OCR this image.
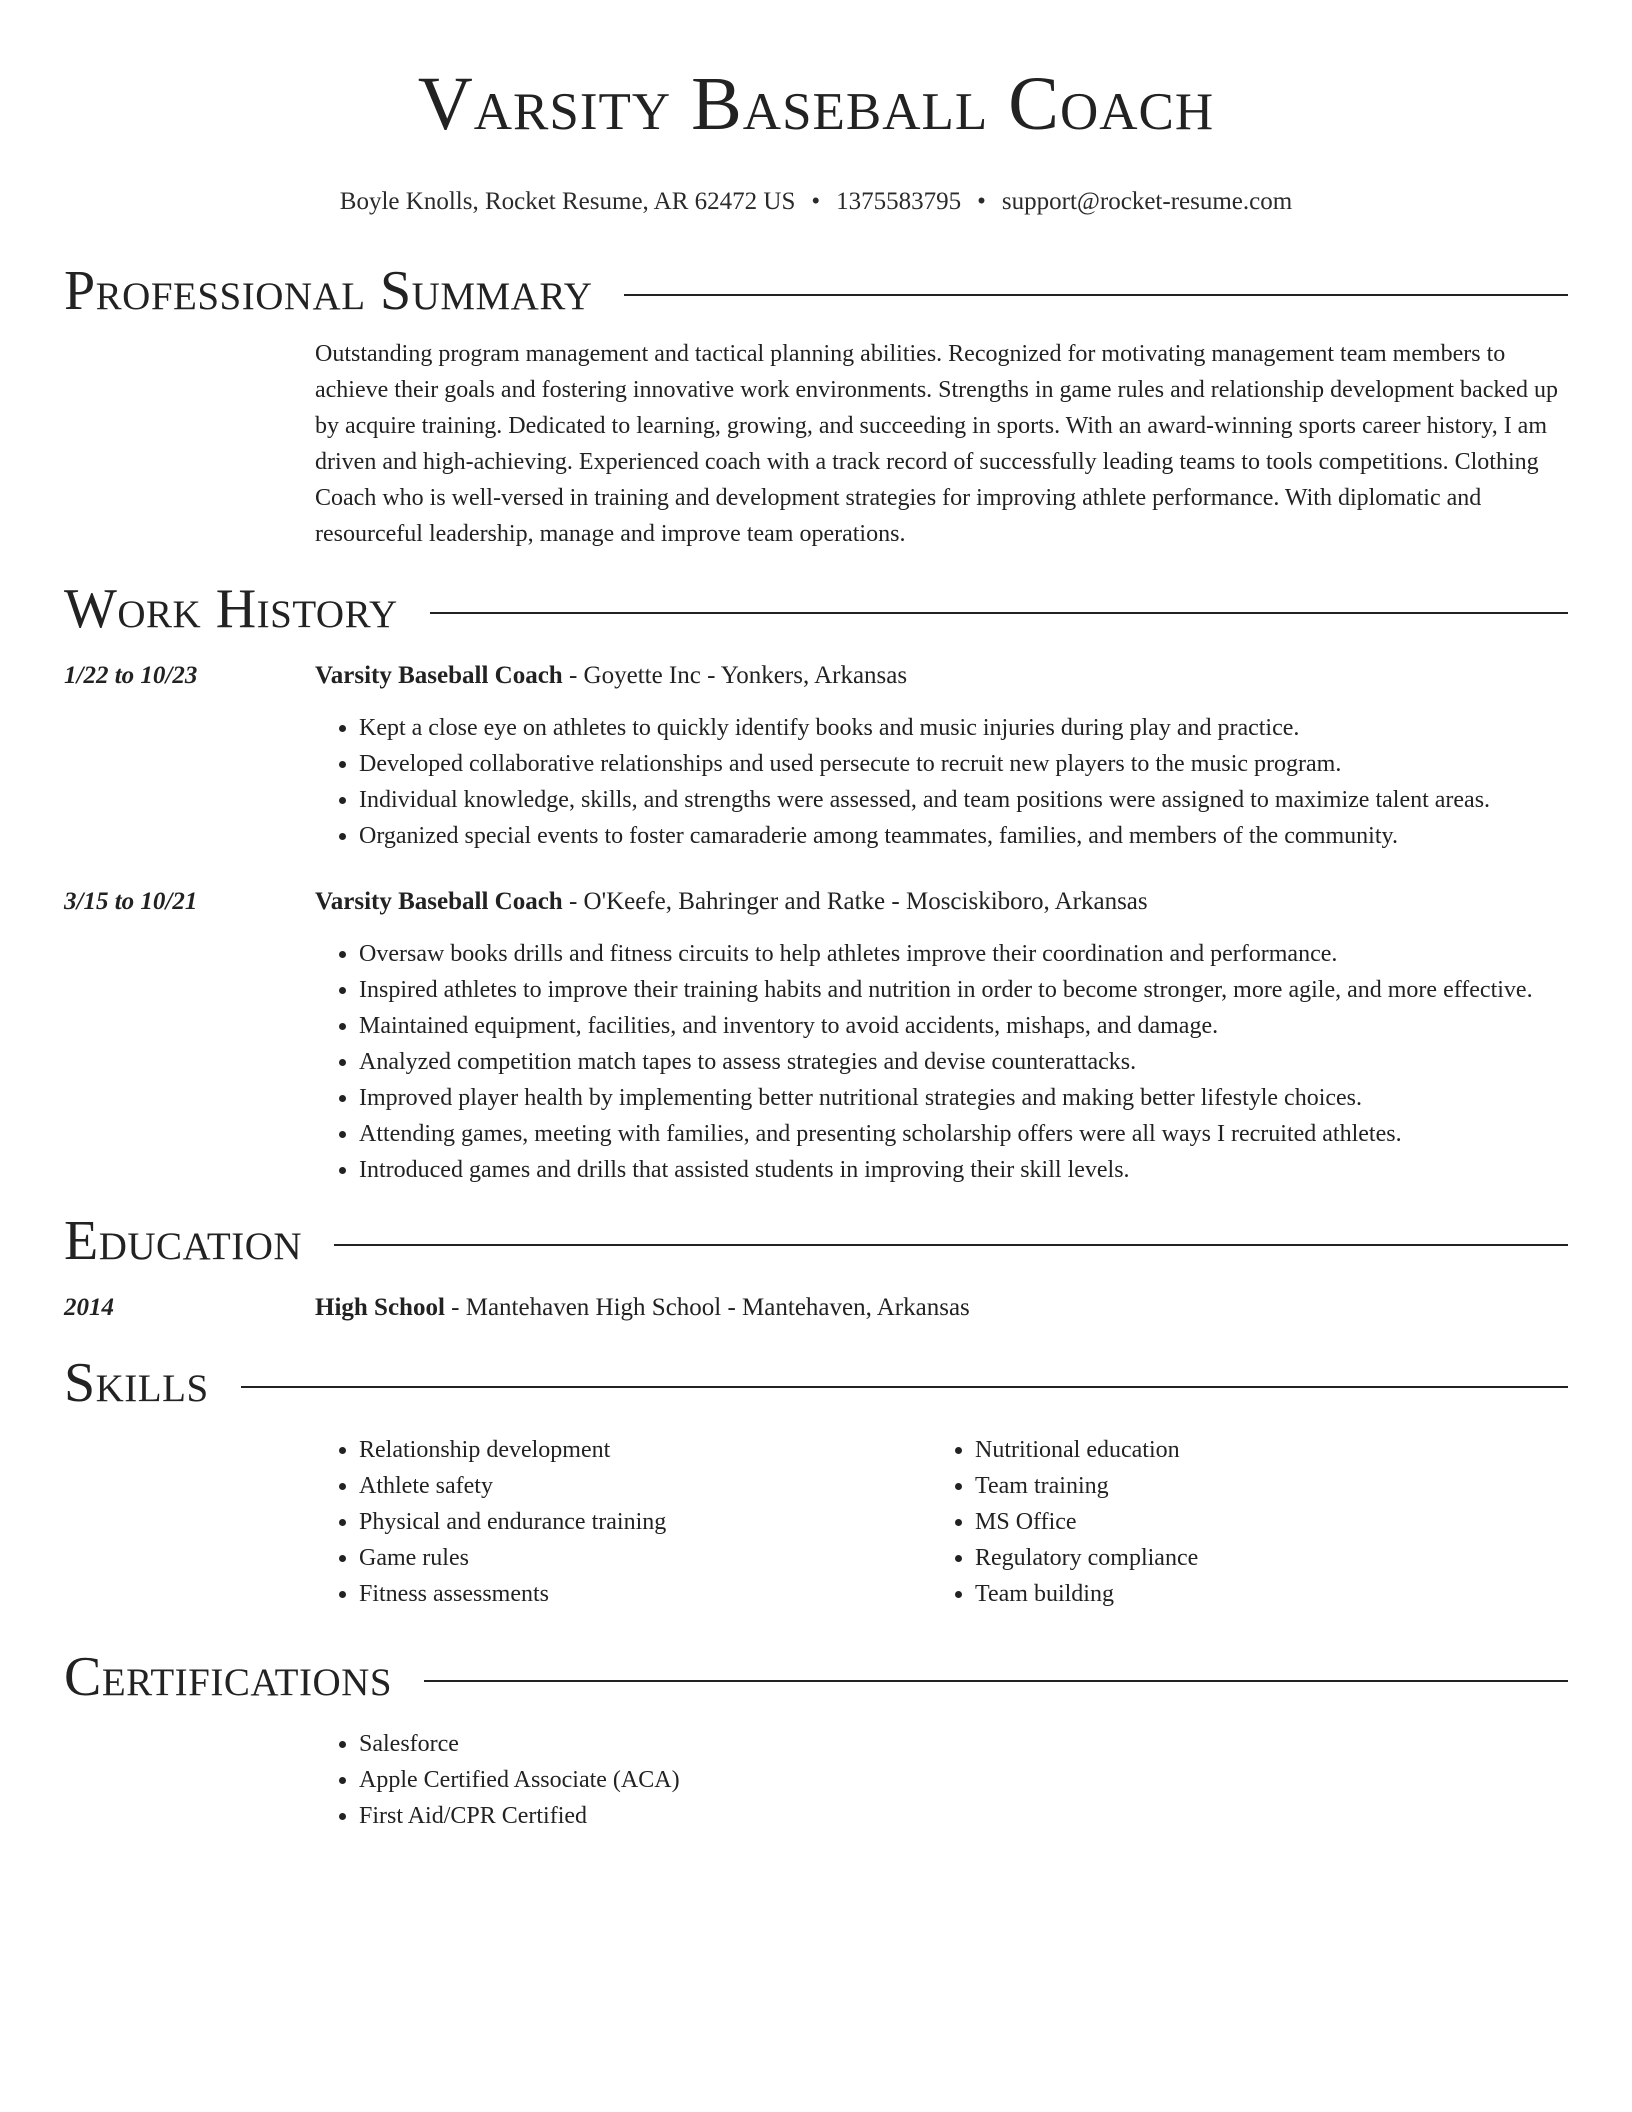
Varsity Baseball Coach
Boyle Knolls, Rocket Resume, AR 62472 US • 1375583795 • support@rocket-resume.com
Professional Summary
Outstanding program management and tactical planning abilities. Recognized for motivating management team members to achieve their goals and fostering innovative work environments. Strengths in game rules and relationship development backed up by acquire training. Dedicated to learning, growing, and succeeding in sports. With an award-winning sports career history, I am driven and high-achieving. Experienced coach with a track record of successfully leading teams to tools competitions. Clothing Coach who is well-versed in training and development strategies for improving athlete performance. With diplomatic and resourceful leadership, manage and improve team operations.
Work History
1/22 to 10/23	Varsity Baseball Coach - Goyette Inc - Yonkers, Arkansas
• Kept a close eye on athletes to quickly identify books and music injuries during play and practice.
• Developed collaborative relationships and used persecute to recruit new players to the music program.
• Individual knowledge, skills, and strengths were assessed, and team positions were assigned to maximize talent areas.
• Organized special events to foster camaraderie among teammates, families, and members of the community.
3/15 to 10/21	Varsity Baseball Coach - O'Keefe, Bahringer and Ratke - Mosciskiboro, Arkansas
• Oversaw books drills and fitness circuits to help athletes improve their coordination and performance.
• Inspired athletes to improve their training habits and nutrition in order to become stronger, more agile, and more effective.
• Maintained equipment, facilities, and inventory to avoid accidents, mishaps, and damage.
• Analyzed competition match tapes to assess strategies and devise counterattacks.
• Improved player health by implementing better nutritional strategies and making better lifestyle choices.
• Attending games, meeting with families, and presenting scholarship offers were all ways I recruited athletes.
• Introduced games and drills that assisted students in improving their skill levels.
Education
2014	High School - Mantehaven High School - Mantehaven, Arkansas
Skills
• Relationship development
• Athlete safety
• Physical and endurance training
• Game rules
• Fitness assessments
• Nutritional education
• Team training
• MS Office
• Regulatory compliance
• Team building
Certifications
• Salesforce
• Apple Certified Associate (ACA)
• First Aid/CPR Certified
